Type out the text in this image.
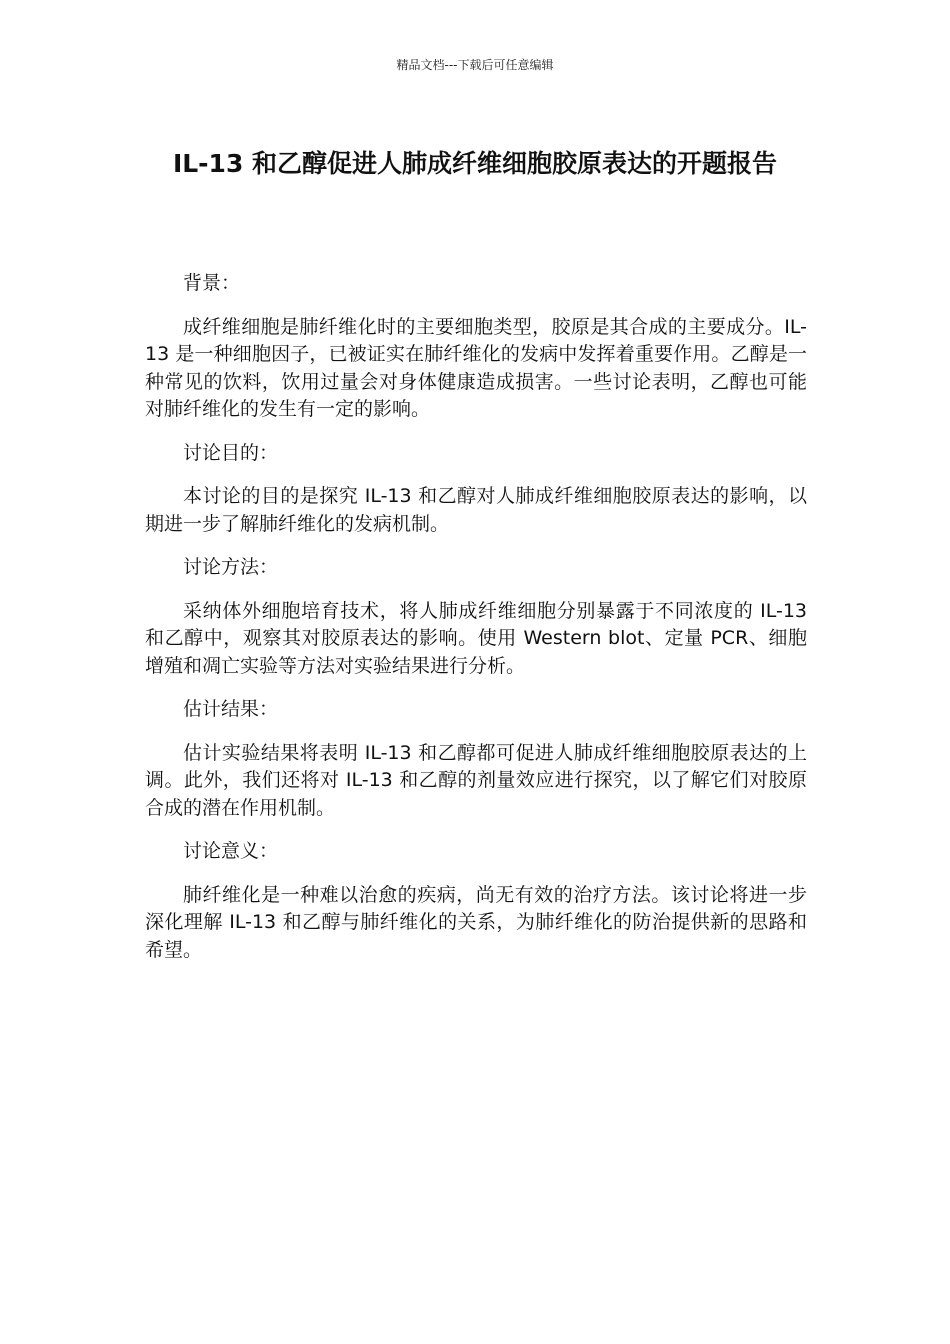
精品文档---下载后可任意编辑
IL-13 和乙醇促进人肺成纤维细胞胶原表达的开题报告

背景：

成纤维细胞是肺纤维化时的主要细胞类型，胶原是其合成的主要成分。IL-13 是一种细胞因子，已被证实在肺纤维化的发病中发挥着重要作用。乙醇是一种常见的饮料，饮用过量会对身体健康造成损害。一些讨论表明，乙醇也可能对肺纤维化的发生有一定的影响。

讨论目的：

本讨论的目的是探究 IL-13 和乙醇对人肺成纤维细胞胶原表达的影响，以期进一步了解肺纤维化的发病机制。

讨论方法：

采纳体外细胞培育技术，将人肺成纤维细胞分别暴露于不同浓度的 IL-13 和乙醇中，观察其对胶原表达的影响。使用 Western blot、定量 PCR、细胞增殖和凋亡实验等方法对实验结果进行分析。

估计结果：

估计实验结果将表明 IL-13 和乙醇都可促进人肺成纤维细胞胶原表达的上调。此外，我们还将对 IL-13 和乙醇的剂量效应进行探究，以了解它们对胶原合成的潜在作用机制。

讨论意义：

肺纤维化是一种难以治愈的疾病，尚无有效的治疗方法。该讨论将进一步深化理解 IL-13 和乙醇与肺纤维化的关系，为肺纤维化的防治提供新的思路和希望。
